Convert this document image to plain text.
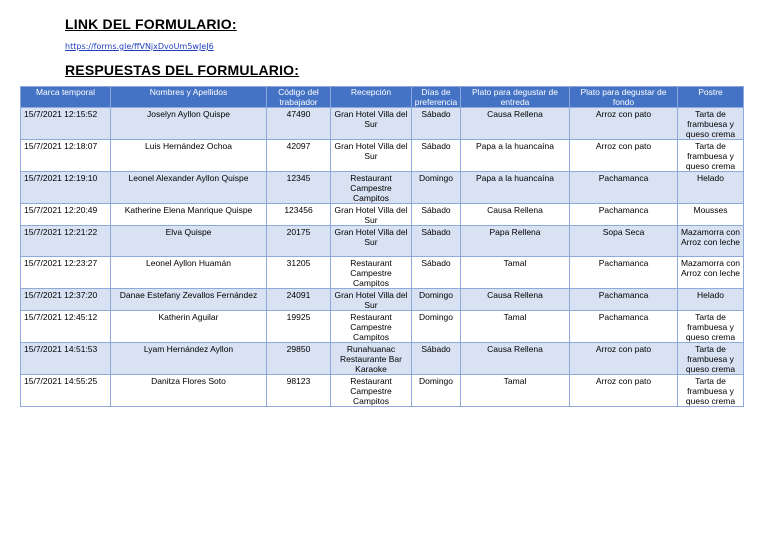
LINK DEL FORMULARIO:
https://forms.gle/ffVNjxDvoUm5wJeJ6
RESPUESTAS DEL FORMULARIO:
Marca temporal	Nombres y Apellidos	Código del trabajador	Recepción	Días de preferencia	Plato para degustar de entreda	Plato para degustar de fondo	Postre
15/7/2021 12:15:52	Joselyn Ayllon Quispe	47490	Gran Hotel Villa del Sur	Sábado	Causa Rellena	Arroz con pato	Tarta de frambuesa y queso crema
15/7/2021 12:18:07	Luis Hernández Ochoa	42097	Gran Hotel Villa del Sur	Sábado	Papa a la huancaína	Arroz con pato	Tarta de frambuesa y queso crema
15/7/2021 12:19:10	Leonel Alexander Ayllon Quispe	12345	Restaurant Campestre Campitos	Domingo	Papa a la huancaína	Pachamanca	Helado
15/7/2021 12:20:49	Katherine Elena Manrique Quispe	123456	Gran Hotel Villa del Sur	Sábado	Causa Rellena	Pachamanca	Mousses
15/7/2021 12:21:22	Elva Quispe	20175	Gran Hotel Villa del Sur	Sábado	Papa Rellena	Sopa Seca	Mazamorra con Arroz con leche
15/7/2021 12:23:27	Leonel Ayllon Huamán	31205	Restaurant Campestre Campitos	Sábado	Tamal	Pachamanca	Mazamorra con Arroz con leche
15/7/2021 12:37:20	Danae Estefany Zevallos Fernández	24091	Gran Hotel Villa del Sur	Domingo	Causa Rellena	Pachamanca	Helado
15/7/2021 12:45:12	Katherin Aguilar	19925	Restaurant Campestre Campitos	Domingo	Tamal	Pachamanca	Tarta de frambuesa y queso crema
15/7/2021 14:51:53	Lyam Hernández Ayllon	29850	Runahuanac Restaurante Bar Karaoke	Sábado	Causa Rellena	Arroz con pato	Tarta de frambuesa y queso crema
15/7/2021 14:55:25	Danitza Flores Soto	98123	Restaurant Campestre Campitos	Domingo	Tamal	Arroz con pato	Tarta de frambuesa y queso crema
